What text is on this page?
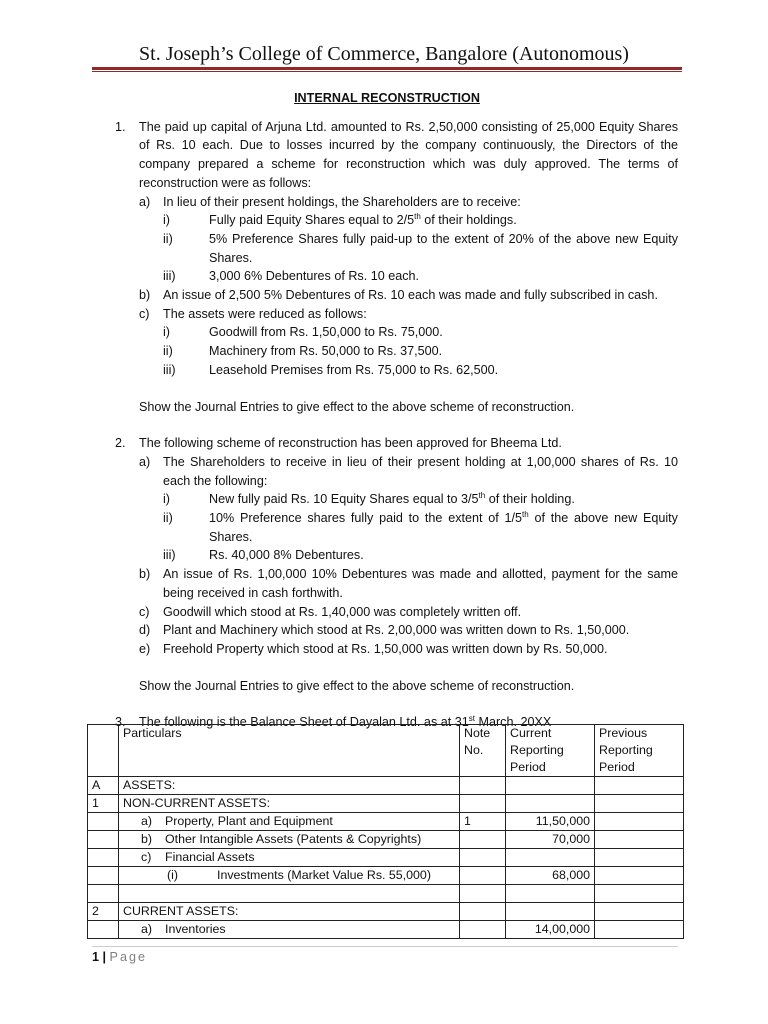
St. Joseph’s College of Commerce, Bangalore (Autonomous)
INTERNAL RECONSTRUCTION
1. The paid up capital of Arjuna Ltd. amounted to Rs. 2,50,000 consisting of 25,000 Equity Shares of Rs. 10 each. Due to losses incurred by the company continuously, the Directors of the company prepared a scheme for reconstruction which was duly approved. The terms of reconstruction were as follows:
a) In lieu of their present holdings, the Shareholders are to receive:
i)	Fully paid Equity Shares equal to 2/5th of their holdings.
ii)	5% Preference Shares fully paid-up to the extent of 20% of the above new Equity Shares.
iii)	3,000 6% Debentures of Rs. 10 each.
b) An issue of 2,500 5% Debentures of Rs. 10 each was made and fully subscribed in cash.
c) The assets were reduced as follows:
i)	Goodwill from Rs. 1,50,000 to Rs. 75,000.
ii)	Machinery from Rs. 50,000 to Rs. 37,500.
iii)	Leasehold Premises from Rs. 75,000 to Rs. 62,500.
Show the Journal Entries to give effect to the above scheme of reconstruction.
2. The following scheme of reconstruction has been approved for Bheema Ltd.
a) The Shareholders to receive in lieu of their present holding at 1,00,000 shares of Rs. 10 each the following:
i)	New fully paid Rs. 10 Equity Shares equal to 3/5th of their holding.
ii)	10% Preference shares fully paid to the extent of 1/5th of the above new Equity Shares.
iii)	Rs. 40,000 8% Debentures.
b) An issue of Rs. 1,00,000 10% Debentures was made and allotted, payment for the same being received in cash forthwith.
c) Goodwill which stood at Rs. 1,40,000 was completely written off.
d) Plant and Machinery which stood at Rs. 2,00,000 was written down to Rs. 1,50,000.
e) Freehold Property which stood at Rs. 1,50,000 was written down by Rs. 50,000.
Show the Journal Entries to give effect to the above scheme of reconstruction.
3. The following is the Balance Sheet of Dayalan Ltd. as at 31st March. 20XX
	Particulars	Note No.	Current Reporting Period	Previous Reporting Period
A	ASSETS:			
1	NON-CURRENT ASSETS:			
	a) Property, Plant and Equipment	1	11,50,000	
	b) Other Intangible Assets (Patents & Copyrights)		70,000	
	c) Financial Assets			
	(i) Investments (Market Value Rs. 55,000)		68,000	

2	CURRENT ASSETS:			
	a) Inventories		14,00,000	
1 | Page
